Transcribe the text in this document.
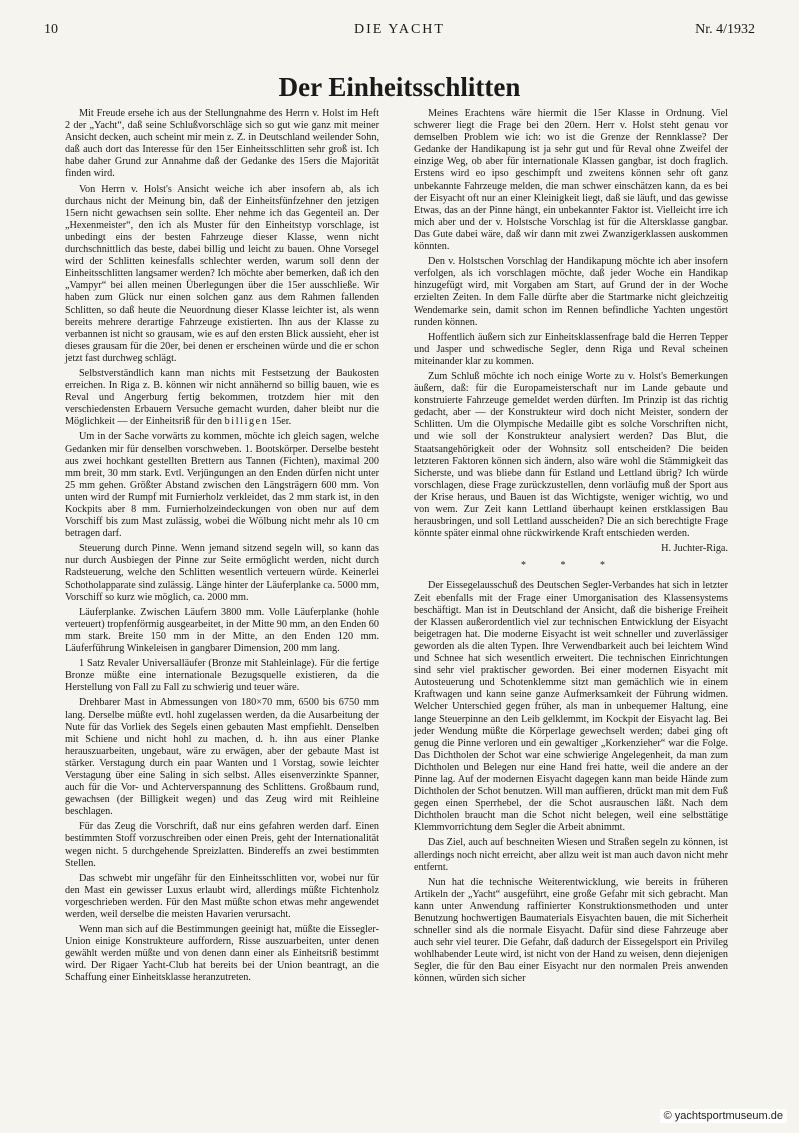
10	DIE YACHT	Nr. 4/1932
Der Einheitsschlitten

Mit Freude ersehe ich aus der Stellungnahme des Herrn v. Holst im Heft 2 der „Yacht“, daß seine Schlußvorschläge sich so gut wie ganz mit meiner Ansicht decken, auch scheint mir mein z. Z. in Deutschland weilender Sohn, daß auch dort das Interesse für den 15er Einheitsschlitten sehr groß ist. Ich habe daher Grund zur Annahme daß der Gedanke des 15ers die Majorität finden wird.

Von Herrn v. Holst's Ansicht weiche ich aber insofern ab, als ich durchaus nicht der Meinung bin, daß der Einheitsfünfzehner den jetzigen 15ern nicht gewachsen sein sollte. Eher nehme ich das Gegenteil an. Der „Hexenmeister“, den ich als Muster für den Einheitstyp vorschlage, ist unbedingt eins der besten Fahrzeuge dieser Klasse, wenn nicht durchschnittlich das beste, dabei billig und leicht zu bauen. Ohne Vorsegel wird der Schlitten keinesfalls schlechter werden, warum soll denn der Einheitsschlitten langsamer werden? Ich möchte aber bemerken, daß ich den „Vampyr“ bei allen meinen Überlegungen über die 15er ausschließe. Wir haben zum Glück nur einen solchen ganz aus dem Rahmen fallenden Schlitten, so daß heute die Neuordnung dieser Klasse leichter ist, als wenn bereits mehrere derartige Fahrzeuge existierten. Ihn aus der Klasse zu verbannen ist nicht so grausam, wie es auf den ersten Blick aussieht, eher ist dieses grausam für die 20er, bei denen er erscheinen würde und die er schon jetzt fast durchweg schlägt.

Selbstverständlich kann man nichts mit Festsetzung der Baukosten erreichen. In Riga z. B. können wir nicht annähernd so billig bauen, wie es Reval und Angerburg fertig bekommen, trotzdem hier mit den verschiedensten Erbauern Versuche gemacht wurden, daher bleibt nur die Möglichkeit — der Einheitsriß für den billigen 15er.

Um in der Sache vorwärts zu kommen, möchte ich gleich sagen, welche Gedanken mir für denselben vorschweben. 1. Bootskörper. Derselbe besteht aus zwei hochkant gestellten Brettern aus Tannen (Fichten), maximal 200 mm breit, 30 mm stark. Evtl. Verjüngungen an den Enden dürfen nicht unter 25 mm gehen. Größter Abstand zwischen den Längsträgern 600 mm. Von unten wird der Rumpf mit Furnierholz verkleidet, das 2 mm stark ist, in den Kockpits aber 8 mm. Furnierholzeindeckungen von oben nur auf dem Vorschiff bis zum Mast zulässig, wobei die Wölbung nicht mehr als 10 cm betragen darf.

Steuerung durch Pinne. Wenn jemand sitzend segeln will, so kann das nur durch Ausbiegen der Pinne zur Seite ermöglicht werden, nicht durch Radsteuerung, welche den Schlitten wesentlich verteuern würde. Keinerlei Schotholapparate sind zulässig. Länge hinter der Läuferplanke ca. 5000 mm, Vorschiff so kurz wie möglich, ca. 2000 mm.

Läuferplanke. Zwischen Läufern 3800 mm. Volle Läuferplanke (hohle verteuert) tropfenförmig ausgearbeitet, in der Mitte 90 mm, an den Enden 60 mm stark. Breite 150 mm in der Mitte, an den Enden 120 mm. Läuferführung Winkeleisen in gangbarer Dimension, 200 mm lang.

1 Satz Revaler Universalläufer (Bronze mit Stahleinlage). Für die fertige Bronze müßte eine internationale Bezugsquelle existieren, da die Herstellung von Fall zu Fall zu schwierig und teuer wäre.

Drehbarer Mast in Abmessungen von 180×70 mm, 6500 bis 6750 mm lang. Derselbe müßte evtl. hohl zugelassen werden, da die Ausarbeitung der Nute für das Vorliek des Segels einen gebauten Mast empfiehlt. Denselben mit Schiene und nicht hohl zu machen, d. h. ihn aus einer Planke herauszuarbeiten, ungebaut, wäre zu erwägen, aber der gebaute Mast ist stärker. Verstagung durch ein paar Wanten und 1 Vorstag, sowie leichter Verstagung über eine Saling in sich selbst. Alles eisenverzinkte Spanner, auch für die Vor- und Achterverspannung des Schlittens. Großbaum rund, gewachsen (der Billigkeit wegen) und das Zeug wird mit Reihleine beschlagen.

Für das Zeug die Vorschrift, daß nur eins gefahren werden darf. Einen bestimmten Stoff vorzuschreiben oder einen Preis, geht der Internationalität wegen nicht. 5 durchgehende Spreizlatten. Bindereffs an zwei bestimmten Stellen.

Das schwebt mir ungefähr für den Einheitsschlitten vor, wobei nur für den Mast ein gewisser Luxus erlaubt wird, allerdings müßte Fichtenholz vorgeschrieben werden. Für den Mast müßte schon etwas mehr angewendet werden, weil derselbe die meisten Havarien verursacht.

Wenn man sich auf die Bestimmungen geeinigt hat, müßte die Eissegler-Union einige Konstrukteure auffordern, Risse auszuarbeiten, unter denen gewählt werden müßte und von denen dann einer als Einheitsriß bestimmt wird. Der Rigaer Yacht-Club hat bereits bei der Union beantragt, an die Schaffung einer Einheitsklasse heranzutreten.

Meines Erachtens wäre hiermit die 15er Klasse in Ordnung. Viel schwerer liegt die Frage bei den 20ern. Herr v. Holst steht genau vor demselben Problem wie ich: wo ist die Grenze der Rennklasse? Der Gedanke der Handikapung ist ja sehr gut und für Reval ohne Zweifel der einzige Weg, ob aber für internationale Klassen gangbar, ist doch fraglich. Erstens wird eo ipso geschimpft und zweitens können sehr oft ganz unbekannte Fahrzeuge melden, die man schwer einschätzen kann, da es bei der Eisyacht oft nur an einer Kleinigkeit liegt, daß sie läuft, und das gewisse Etwas, das an der Pinne hängt, ein unbekannter Faktor ist. Vielleicht irre ich mich aber und der v. Holstsche Vorschlag ist für die Altersklasse gangbar. Das Gute dabei wäre, daß wir dann mit zwei Zwanzigerklassen auskommen könnten.

Den v. Holstschen Vorschlag der Handikapung möchte ich aber insofern verfolgen, als ich vorschlagen möchte, daß jeder Woche ein Handikap hinzugefügt wird, mit Vorgaben am Start, auf Grund der in der Woche erzielten Zeiten. In dem Falle dürfte aber die Startmarke nicht gleichzeitig Wendemarke sein, damit schon im Rennen befindliche Yachten ungestört runden können.

Hoffentlich äußern sich zur Einheitsklassenfrage bald die Herren Tepper und Jasper und schwedische Segler, denn Riga und Reval scheinen miteinander klar zu kommen.

Zum Schluß möchte ich noch einige Worte zu v. Holst's Bemerkungen äußern, daß: für die Europameisterschaft nur im Lande gebaute und konstruierte Fahrzeuge gemeldet werden dürften. Im Prinzip ist das richtig gedacht, aber — der Konstrukteur wird doch nicht Meister, sondern der Schlitten. Um die Olympische Medaille gibt es solche Vorschriften nicht, und wie soll der Konstrukteur analysiert werden? Das Blut, die Staatsangehörigkeit oder der Wohnsitz soll entscheiden? Die beiden letzteren Faktoren können sich ändern, also wäre wohl die Stämmigkeit das Sicherste, und was bliebe dann für Estland und Lettland übrig? Ich würde vorschlagen, diese Frage zurückzustellen, denn vorläufig muß der Sport aus der Krise heraus, und Bauen ist das Wichtigste, weniger wichtig, wo und von wem. Zur Zeit kann Lettland überhaupt keinen erstklassigen Bau herausbringen, und soll Lettland ausscheiden? Die an sich berechtigte Frage könnte später einmal ohne rückwirkende Kraft entschieden werden.

H. Juchter-Riga.

* * *

Der Eissegelausschuß des Deutschen Segler-Verbandes hat sich in letzter Zeit ebenfalls mit der Frage einer Umorganisation des Klassensystems beschäftigt. Man ist in Deutschland der Ansicht, daß die bisherige Freiheit der Klassen außerordentlich viel zur technischen Entwicklung der Eisyacht beigetragen hat. Die moderne Eisyacht ist weit schneller und zuverlässiger geworden als die alten Typen. Ihre Verwendbarkeit auch bei leichtem Wind und Schnee hat sich wesentlich erweitert. Die technischen Einrichtungen sind sehr viel praktischer geworden. Bei einer modernen Eisyacht mit Autosteuerung und Schotenklemme sitzt man gemächlich wie in einem Kraftwagen und kann seine ganze Aufmerksamkeit der Führung widmen. Welcher Unterschied gegen früher, als man in unbequemer Haltung, eine lange Steuerpinne an den Leib gelklemmt, im Kockpit der Eisyacht lag. Bei jeder Wendung müßte die Körperlage gewechselt werden; dabei ging oft genug die Pinne verloren und ein gewaltiger „Korkenzieher“ war die Folge. Das Dichtholen der Schot war eine schwierige Angelegenheit, da man zum Dichtholen und Belegen nur eine Hand frei hatte, weil die andere an der Pinne lag. Auf der modernen Eisyacht dagegen kann man beide Hände zum Dichtholen der Schot benutzen. Will man auffieren, drückt man mit dem Fuß gegen einen Sperrhebel, der die Schot ausrauschen läßt. Nach dem Dichtholen braucht man die Schot nicht belegen, weil eine selbsttätige Klemmvorrichtung dem Segler die Arbeit abnimmt.

Das Ziel, auch auf beschneiten Wiesen und Straßen segeln zu können, ist allerdings noch nicht erreicht, aber allzu weit ist man auch davon nicht mehr entfernt.

Nun hat die technische Weiterentwicklung, wie bereits in früheren Artikeln der „Yacht“ ausgeführt, eine große Gefahr mit sich gebracht. Man kann unter Anwendung raffinierter Konstruktionsmethoden und unter Benutzung hochwertigen Baumaterials Eisyachten bauen, die mit Sicherheit schneller sind als die normale Eisyacht. Dafür sind diese Fahrzeuge aber auch sehr viel teurer. Die Gefahr, daß dadurch der Eissegelsport ein Privileg wohlhabender Leute wird, ist nicht von der Hand zu weisen, denn diejenigen Segler, die für den Bau einer Eisyacht nur den normalen Preis anwenden können, würden sich sicher

© yachtsportmuseum.de
